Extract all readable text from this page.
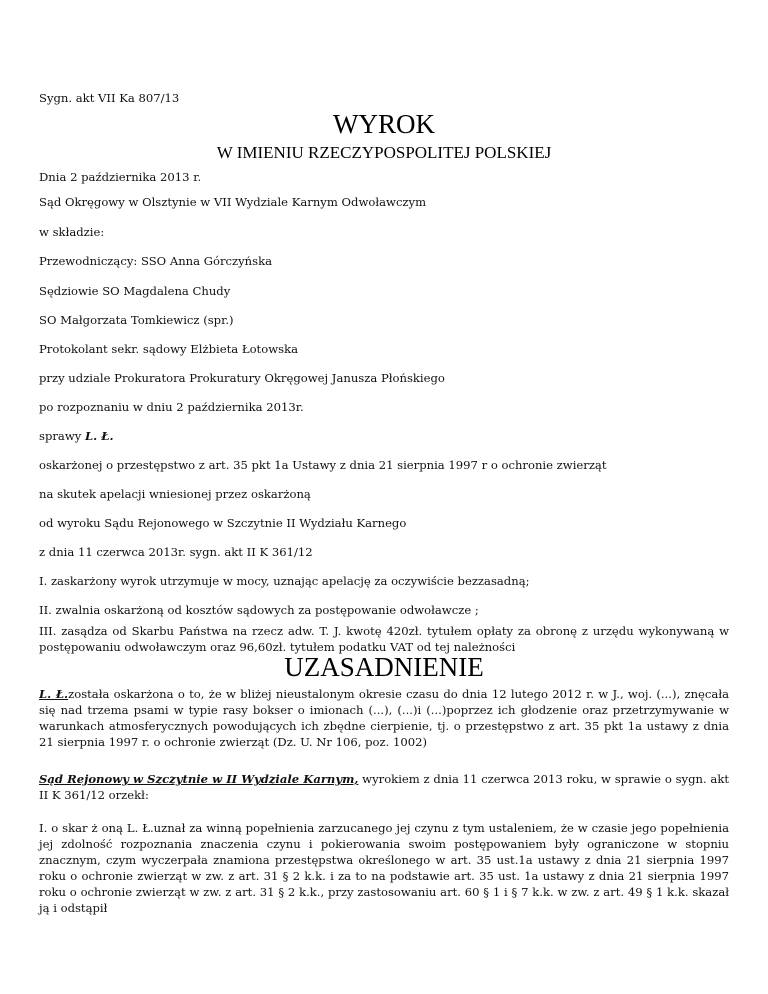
Sygn. akt VII Ka 807/13

WYROK
W IMIENIU RZECZYPOSPOLITEJ POLSKIEJ

Dnia 2 października 2013 r.

Sąd Okręgowy w Olsztynie w VII Wydziale Karnym Odwoławczym

w składzie:

Przewodniczący: SSO Anna Górczyńska

Sędziowie SO Magdalena Chudy

SO Małgorzata Tomkiewicz (spr.)

Protokolant sekr. sądowy Elżbieta Łotowska

przy udziale Prokuratora Prokuratury Okręgowej Janusza Płońskiego

po rozpoznaniu w dniu 2 października 2013r.

sprawy L. Ł.

oskarżonej o przestępstwo z art. 35 pkt 1a Ustawy z dnia 21 sierpnia 1997 r o ochronie zwierząt

na skutek apelacji wniesionej przez oskarżoną

od wyroku Sądu Rejonowego w Szczytnie II Wydziału Karnego

z dnia 11 czerwca 2013r. sygn. akt II K 361/12

I. zaskarżony wyrok utrzymuje w mocy, uznając apelację za oczywiście bezzasadną;

II. zwalnia oskarżoną od kosztów sądowych za postępowanie odwoławcze ;

III. zasądza od Skarbu Państwa na rzecz adw. T. J. kwotę 420zł. tytułem opłaty za obronę z urzędu wykonywaną w postępowaniu odwoławczym oraz 96,60zł. tytułem podatku VAT od tej należności

UZASADNIENIE

L. Ł.została oskarżona o to, że w bliżej nieustalonym okresie czasu do dnia 12 lutego 2012 r. w J., woj. (...), znęcała się nad trzema psami w typie rasy bokser o imionach (...), (...)i (...)poprzez ich głodzenie oraz przetrzymywanie w warunkach atmosferycznych powodujących ich zbędne cierpienie, tj. o przestępstwo z art. 35 pkt 1a ustawy z dnia 21 sierpnia 1997 r. o ochronie zwierząt (Dz. U. Nr 106, poz. 1002)

Sąd Rejonowy w Szczytnie w II Wydziale Karnym, wyrokiem z dnia 11 czerwca 2013 roku, w sprawie o sygn. akt II K 361/12 orzekł:

I. o skar ż oną L. Ł.uznał za winną popełnienia zarzucanego jej czynu z tym ustaleniem, że w czasie jego popełnienia jej zdolność rozpoznania znaczenia czynu i pokierowania swoim postępowaniem były ograniczone w stopniu znacznym, czym wyczerpała znamiona przestępstwa określonego w art. 35 ust.1a ustawy z dnia 21 sierpnia 1997 roku o ochronie zwierząt w zw. z art. 31 § 2 k.k. i za to na podstawie art. 35 ust. 1a ustawy z dnia 21 sierpnia 1997 roku o ochronie zwierząt w zw. z art. 31 § 2 k.k., przy zastosowaniu art. 60 § 1 i § 7 k.k. w zw. z art. 49 § 1 k.k. skazał ją i odstąpił
